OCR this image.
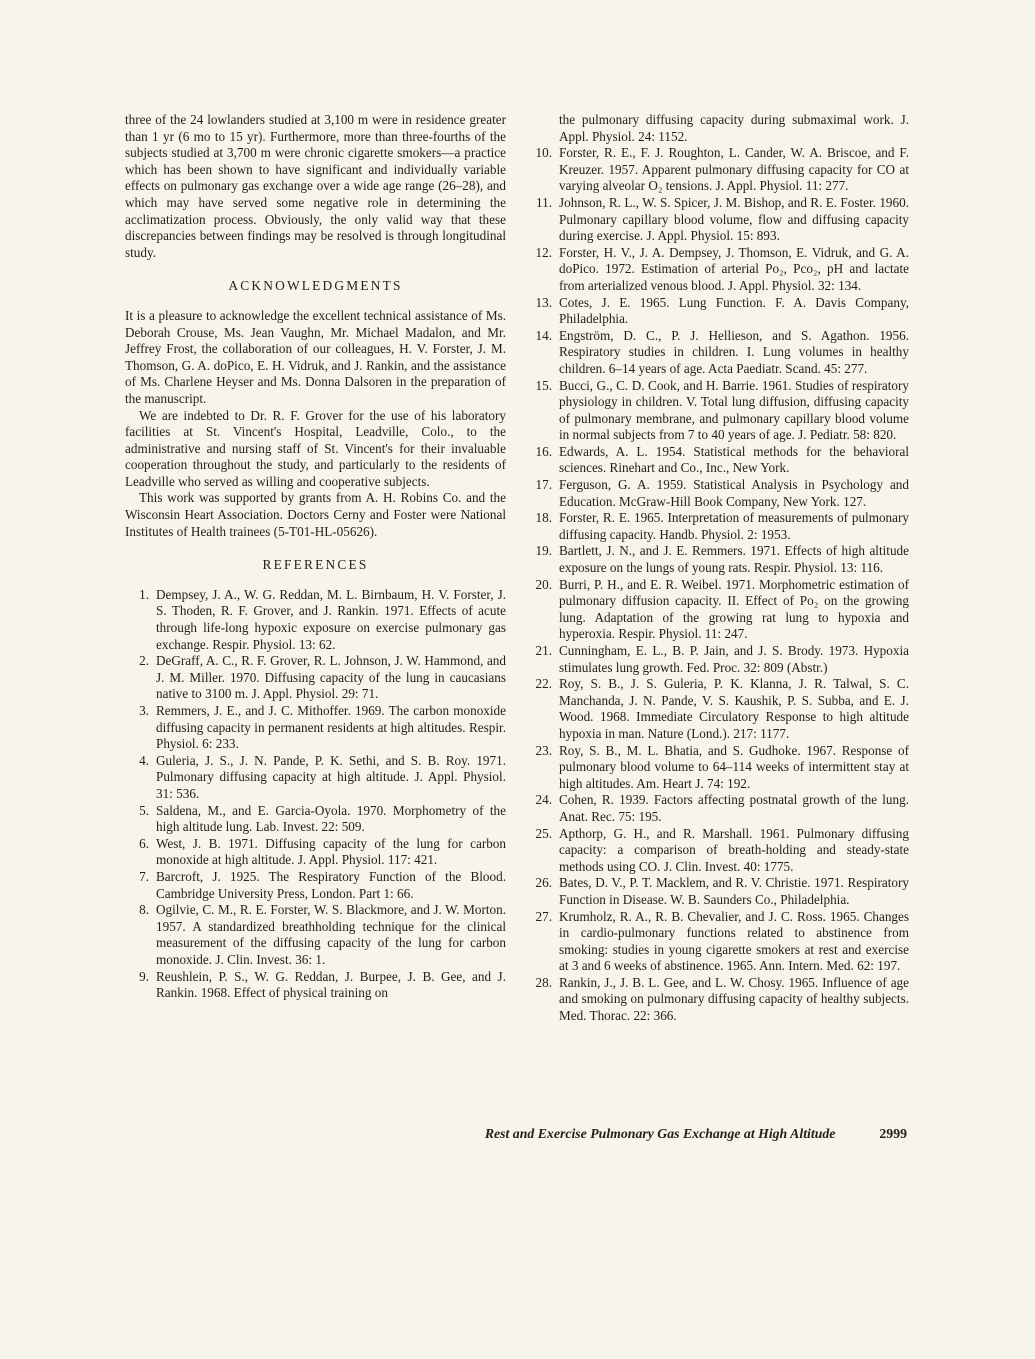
three of the 24 lowlanders studied at 3,100 m were in residence greater than 1 yr (6 mo to 15 yr). Furthermore, more than three-fourths of the subjects studied at 3,700 m were chronic cigarette smokers—a practice which has been shown to have significant and individually variable effects on pulmonary gas exchange over a wide age range (26–28), and which may have served some negative role in determining the acclimatization process. Obviously, the only valid way that these discrepancies between findings may be resolved is through longitudinal study.

ACKNOWLEDGMENTS

It is a pleasure to acknowledge the excellent technical assistance of Ms. Deborah Crouse, Ms. Jean Vaughn, Mr. Michael Madalon, and Mr. Jeffrey Frost, the collaboration of our colleagues, H. V. Forster, J. M. Thomson, G. A. doPico, E. H. Vidruk, and J. Rankin, and the assistance of Ms. Charlene Heyser and Ms. Donna Dalsoren in the preparation of the manuscript.

We are indebted to Dr. R. F. Grover for the use of his laboratory facilities at St. Vincent's Hospital, Leadville, Colo., to the administrative and nursing staff of St. Vincent's for their invaluable cooperation throughout the study, and particularly to the residents of Leadville who served as willing and cooperative subjects.

This work was supported by grants from A. H. Robins Co. and the Wisconsin Heart Association. Doctors Cerny and Foster were National Institutes of Health trainees (5-T01-HL-05626).

REFERENCES
1. Dempsey, J. A., W. G. Reddan, M. L. Birnbaum, H. V. Forster, J. S. Thoden, R. F. Grover, and J. Rankin. 1971. Effects of acute through life-long hypoxic exposure on exercise pulmonary gas exchange. Respir. Physiol. 13: 62.
2. DeGraff, A. C., R. F. Grover, R. L. Johnson, J. W. Hammond, and J. M. Miller. 1970. Diffusing capacity of the lung in caucasians native to 3100 m. J. Appl. Physiol. 29: 71.
3. Remmers, J. E., and J. C. Mithoffer. 1969. The carbon monoxide diffusing capacity in permanent residents at high altitudes. Respir. Physiol. 6: 233.
4. Guleria, J. S., J. N. Pande, P. K. Sethi, and S. B. Roy. 1971. Pulmonary diffusing capacity at high altitude. J. Appl. Physiol. 31: 536.
5. Saldena, M., and E. Garcia-Oyola. 1970. Morphometry of the high altitude lung. Lab. Invest. 22: 509.
6. West, J. B. 1971. Diffusing capacity of the lung for carbon monoxide at high altitude. J. Appl. Physiol. 117: 421.
7. Barcroft, J. 1925. The Respiratory Function of the Blood. Cambridge University Press, London. Part 1: 66.
8. Ogilvie, C. M., R. E. Forster, W. S. Blackmore, and J. W. Morton. 1957. A standardized breathholding technique for the clinical measurement of the diffusing capacity of the lung for carbon monoxide. J. Clin. Invest. 36: 1.
9. Reushlein, P. S., W. G. Reddan, J. Burpee, J. B. Gee, and J. Rankin. 1968. Effect of physical training on
the pulmonary diffusing capacity during submaximal work. J. Appl. Physiol. 24: 1152.
10. Forster, R. E., F. J. Roughton, L. Cander, W. A. Briscoe, and F. Kreuzer. 1957. Apparent pulmonary diffusing capacity for CO at varying alveolar O₂ tensions. J. Appl. Physiol. 11: 277.
11. Johnson, R. L., W. S. Spicer, J. M. Bishop, and R. E. Foster. 1960. Pulmonary capillary blood volume, flow and diffusing capacity during exercise. J. Appl. Physiol. 15: 893.
12. Forster, H. V., J. A. Dempsey, J. Thomson, E. Vidruk, and G. A. doPico. 1972. Estimation of arterial Po₂, Pco₂, pH and lactate from arterialized venous blood. J. Appl. Physiol. 32: 134.
13. Cotes, J. E. 1965. Lung Function. F. A. Davis Company, Philadelphia.
14. Engström, D. C., P. J. Hellieson, and S. Agathon. 1956. Respiratory studies in children. I. Lung volumes in healthy children. 6–14 years of age. Acta Paediatr. Scand. 45: 277.
15. Bucci, G., C. D. Cook, and H. Barrie. 1961. Studies of respiratory physiology in children. V. Total lung diffusion, diffusing capacity of pulmonary membrane, and pulmonary capillary blood volume in normal subjects from 7 to 40 years of age. J. Pediatr. 58: 820.
16. Edwards, A. L. 1954. Statistical methods for the behavioral sciences. Rinehart and Co., Inc., New York.
17. Ferguson, G. A. 1959. Statistical Analysis in Psychology and Education. McGraw-Hill Book Company, New York. 127.
18. Forster, R. E. 1965. Interpretation of measurements of pulmonary diffusing capacity. Handb. Physiol. 2: 1953.
19. Bartlett, J. N., and J. E. Remmers. 1971. Effects of high altitude exposure on the lungs of young rats. Respir. Physiol. 13: 116.
20. Burri, P. H., and E. R. Weibel. 1971. Morphometric estimation of pulmonary diffusion capacity. II. Effect of Po₂ on the growing lung. Adaptation of the growing rat lung to hypoxia and hyperoxia. Respir. Physiol. 11: 247.
21. Cunningham, E. L., B. P. Jain, and J. S. Brody. 1973. Hypoxia stimulates lung growth. Fed. Proc. 32: 809 (Abstr.)
22. Roy, S. B., J. S. Guleria, P. K. Klanna, J. R. Talwal, S. C. Manchanda, J. N. Pande, V. S. Kaushik, P. S. Subba, and E. J. Wood. 1968. Immediate Circulatory Response to high altitude hypoxia in man. Nature (Lond.). 217: 1177.
23. Roy, S. B., M. L. Bhatia, and S. Gudhoke. 1967. Response of pulmonary blood volume to 64–114 weeks of intermittent stay at high altitudes. Am. Heart J. 74: 192.
24. Cohen, R. 1939. Factors affecting postnatal growth of the lung. Anat. Rec. 75: 195.
25. Apthorp, G. H., and R. Marshall. 1961. Pulmonary diffusing capacity: a comparison of breath-holding and steady-state methods using CO. J. Clin. Invest. 40: 1775.
26. Bates, D. V., P. T. Macklem, and R. V. Christie. 1971. Respiratory Function in Disease. W. B. Saunders Co., Philadelphia.
27. Krumholz, R. A., R. B. Chevalier, and J. C. Ross. 1965. Changes in cardio-pulmonary functions related to abstinence from smoking: studies in young cigarette smokers at rest and exercise at 3 and 6 weeks of abstinence. 1965. Ann. Intern. Med. 62: 197.
28. Rankin, J., J. B. L. Gee, and L. W. Chosy. 1965. Influence of age and smoking on pulmonary diffusing capacity of healthy subjects. Med. Thorac. 22: 366.
Rest and Exercise Pulmonary Gas Exchange at High Altitude	2999
